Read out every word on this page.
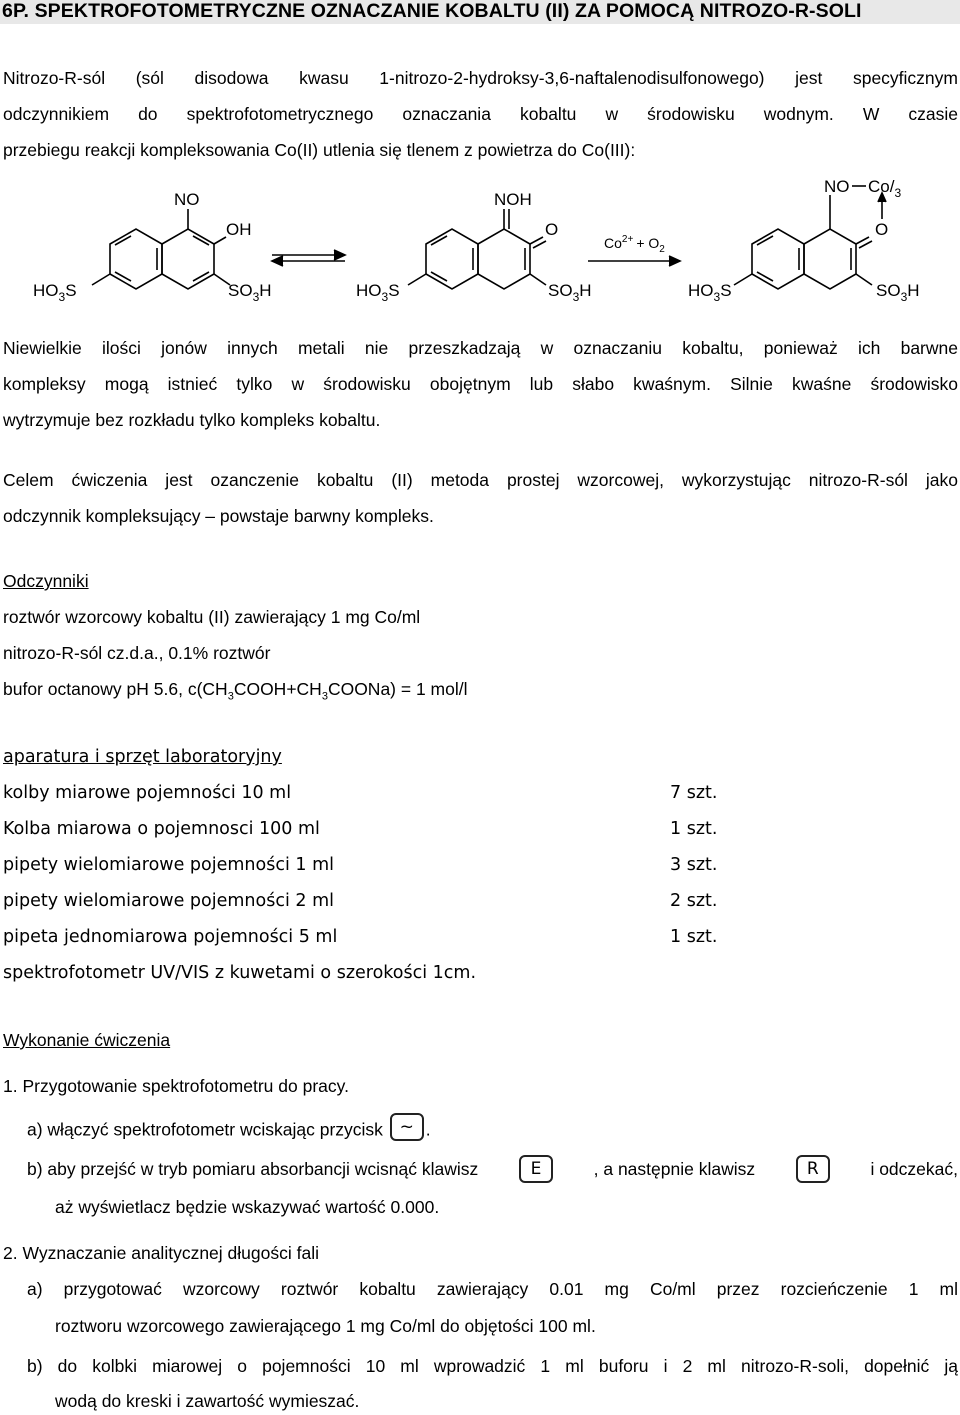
6P. SPEKTROFOTOMETRYCZNE OZNACZANIE KOBALTU (II) ZA POMOCĄ NITROZO-R-SOLI
Nitrozo-R-sól (sól disodowa kwasu 1-nitrozo-2-hydroksy-3,6-naftalenodisulfonowego) jest specyficznym
odczynnikiem do spektrofotometrycznego oznaczania kobaltu w środowisku wodnym. W czasie
przebiegu reakcji kompleksowania Co(II) utlenia się tlenem z powietrza do Co(III):
NO
OH
$HO_3S$	$SO_3H$
NOH
O
$HO_3S$	$SO_3H$
$Co^{2+} + O_2$
NO $Co/_3$
O
$HO_3S$	$SO_3H$
Niewielkie ilości jonów innych metali nie przeszkadzają w oznaczaniu kobaltu, ponieważ ich barwne
kompleksy mogą istnieć tylko w środowisku obojętnym lub słabo kwaśnym. Silnie kwaśne środowisko
wytrzymuje bez rozkładu tylko kompleks kobaltu.
Celem ćwiczenia jest ozanczenie kobaltu (II) metoda prostej wzorcowej, wykorzystując nitrozo-R-sól jako
odczynnik kompleksujący – powstaje barwny kompleks.
Odczynniki
roztwór wzorcowy kobaltu (II) zawierający 1 mg Co/ml
nitrozo-R-sól cz.d.a., 0.1% roztwór
bufor octanowy pH 5.6, $c(CH_3COOH+CH_3COONa) = 1$ mol/l
aparatura i sprzęt laboratoryjny
kolby miarowe pojemności 10 ml	7 szt.
Kolba miarowa o pojemnosci 100 ml	1 szt.
pipety wielomiarowe pojemności 1 ml	3 szt.
pipety wielomiarowe pojemności 2 ml	2 szt.
pipeta jednomiarowa pojemności 5 ml	1 szt.
spektrofotometr UV/VIS z kuwetami o szerokości 1cm.
Wykonanie ćwiczenia
1. Przygotowanie spektrofotometru do pracy.
a) włączyć spektrofotometr wciskając przycisk ~ .
b) aby przejść w tryb pomiaru absorbancji wcisnąć klawisz	E	, a następnie klawisz	R	i odczekać,
aż wyświetlacz będzie wskazywać wartość 0.000.
2. Wyznaczanie analitycznej długości fali
a) przygotować wzorcowy roztwór kobaltu zawierający 0.01 mg Co/ml przez rozcieńczenie 1 ml
roztworu wzorcowego zawierającego 1 mg Co/ml do objętości 100 ml.
b) do kolbki miarowej o pojemności 10 ml wprowadzić 1 ml buforu i 2 ml nitrozo-R-soli, dopełnić ją
wodą do kreski i zawartość wymieszać.
